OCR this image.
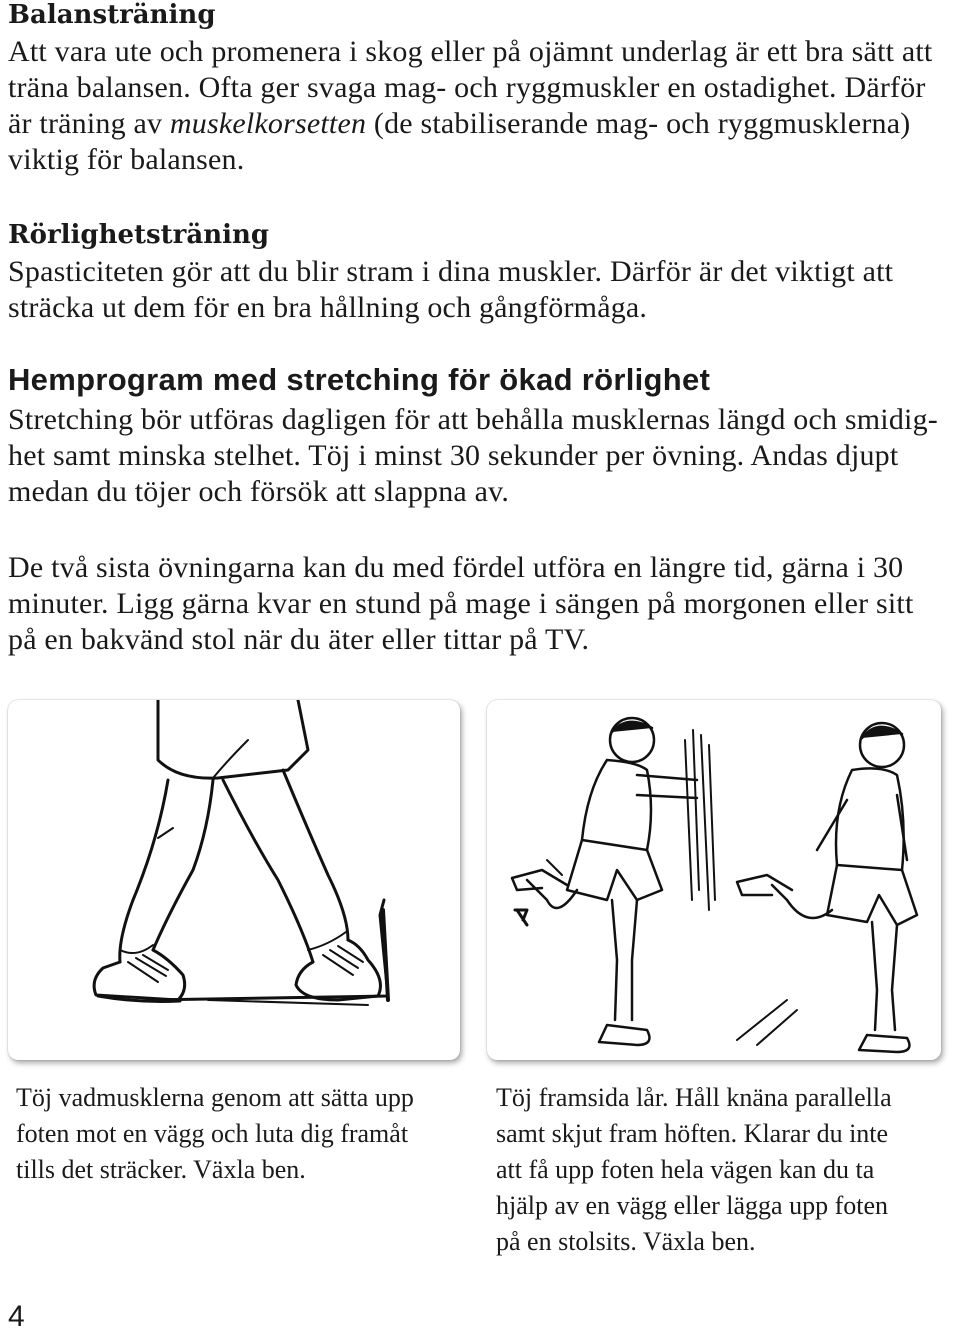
Balansträning
Att vara ute och promenera i skog eller på ojämnt underlag är ett bra sätt att
träna balansen. Ofta ger svaga mag- och ryggmuskler en ostadighet. Därför
är träning av muskelkorsetten (de stabiliserande mag- och ryggmusklerna)
viktig för balansen.
Rörlighetsträning
Spasticiteten gör att du blir stram i dina muskler. Därför är det viktigt att
sträcka ut dem för en bra hållning och gångförmåga.
Hemprogram med stretching för ökad rörlighet
Stretching bör utföras dagligen för att behålla musklernas längd och smidig-
het samt minska stelhet. Töj i minst 30 sekunder per övning. Andas djupt
medan du töjer och försök att slappna av.
De två sista övningarna kan du med fördel utföra en längre tid, gärna i 30
minuter. Ligg gärna kvar en stund på mage i sängen på morgonen eller sitt
på en bakvänd stol när du äter eller tittar på TV.
Töj vadmusklerna genom att sätta upp
foten mot en vägg och luta dig framåt
tills det sträcker. Växla ben.
Töj framsida lår. Håll knäna parallella
samt skjut fram höften. Klarar du inte
att få upp foten hela vägen kan du ta
hjälp av en vägg eller lägga upp foten
på en stolsits. Växla ben.
4
